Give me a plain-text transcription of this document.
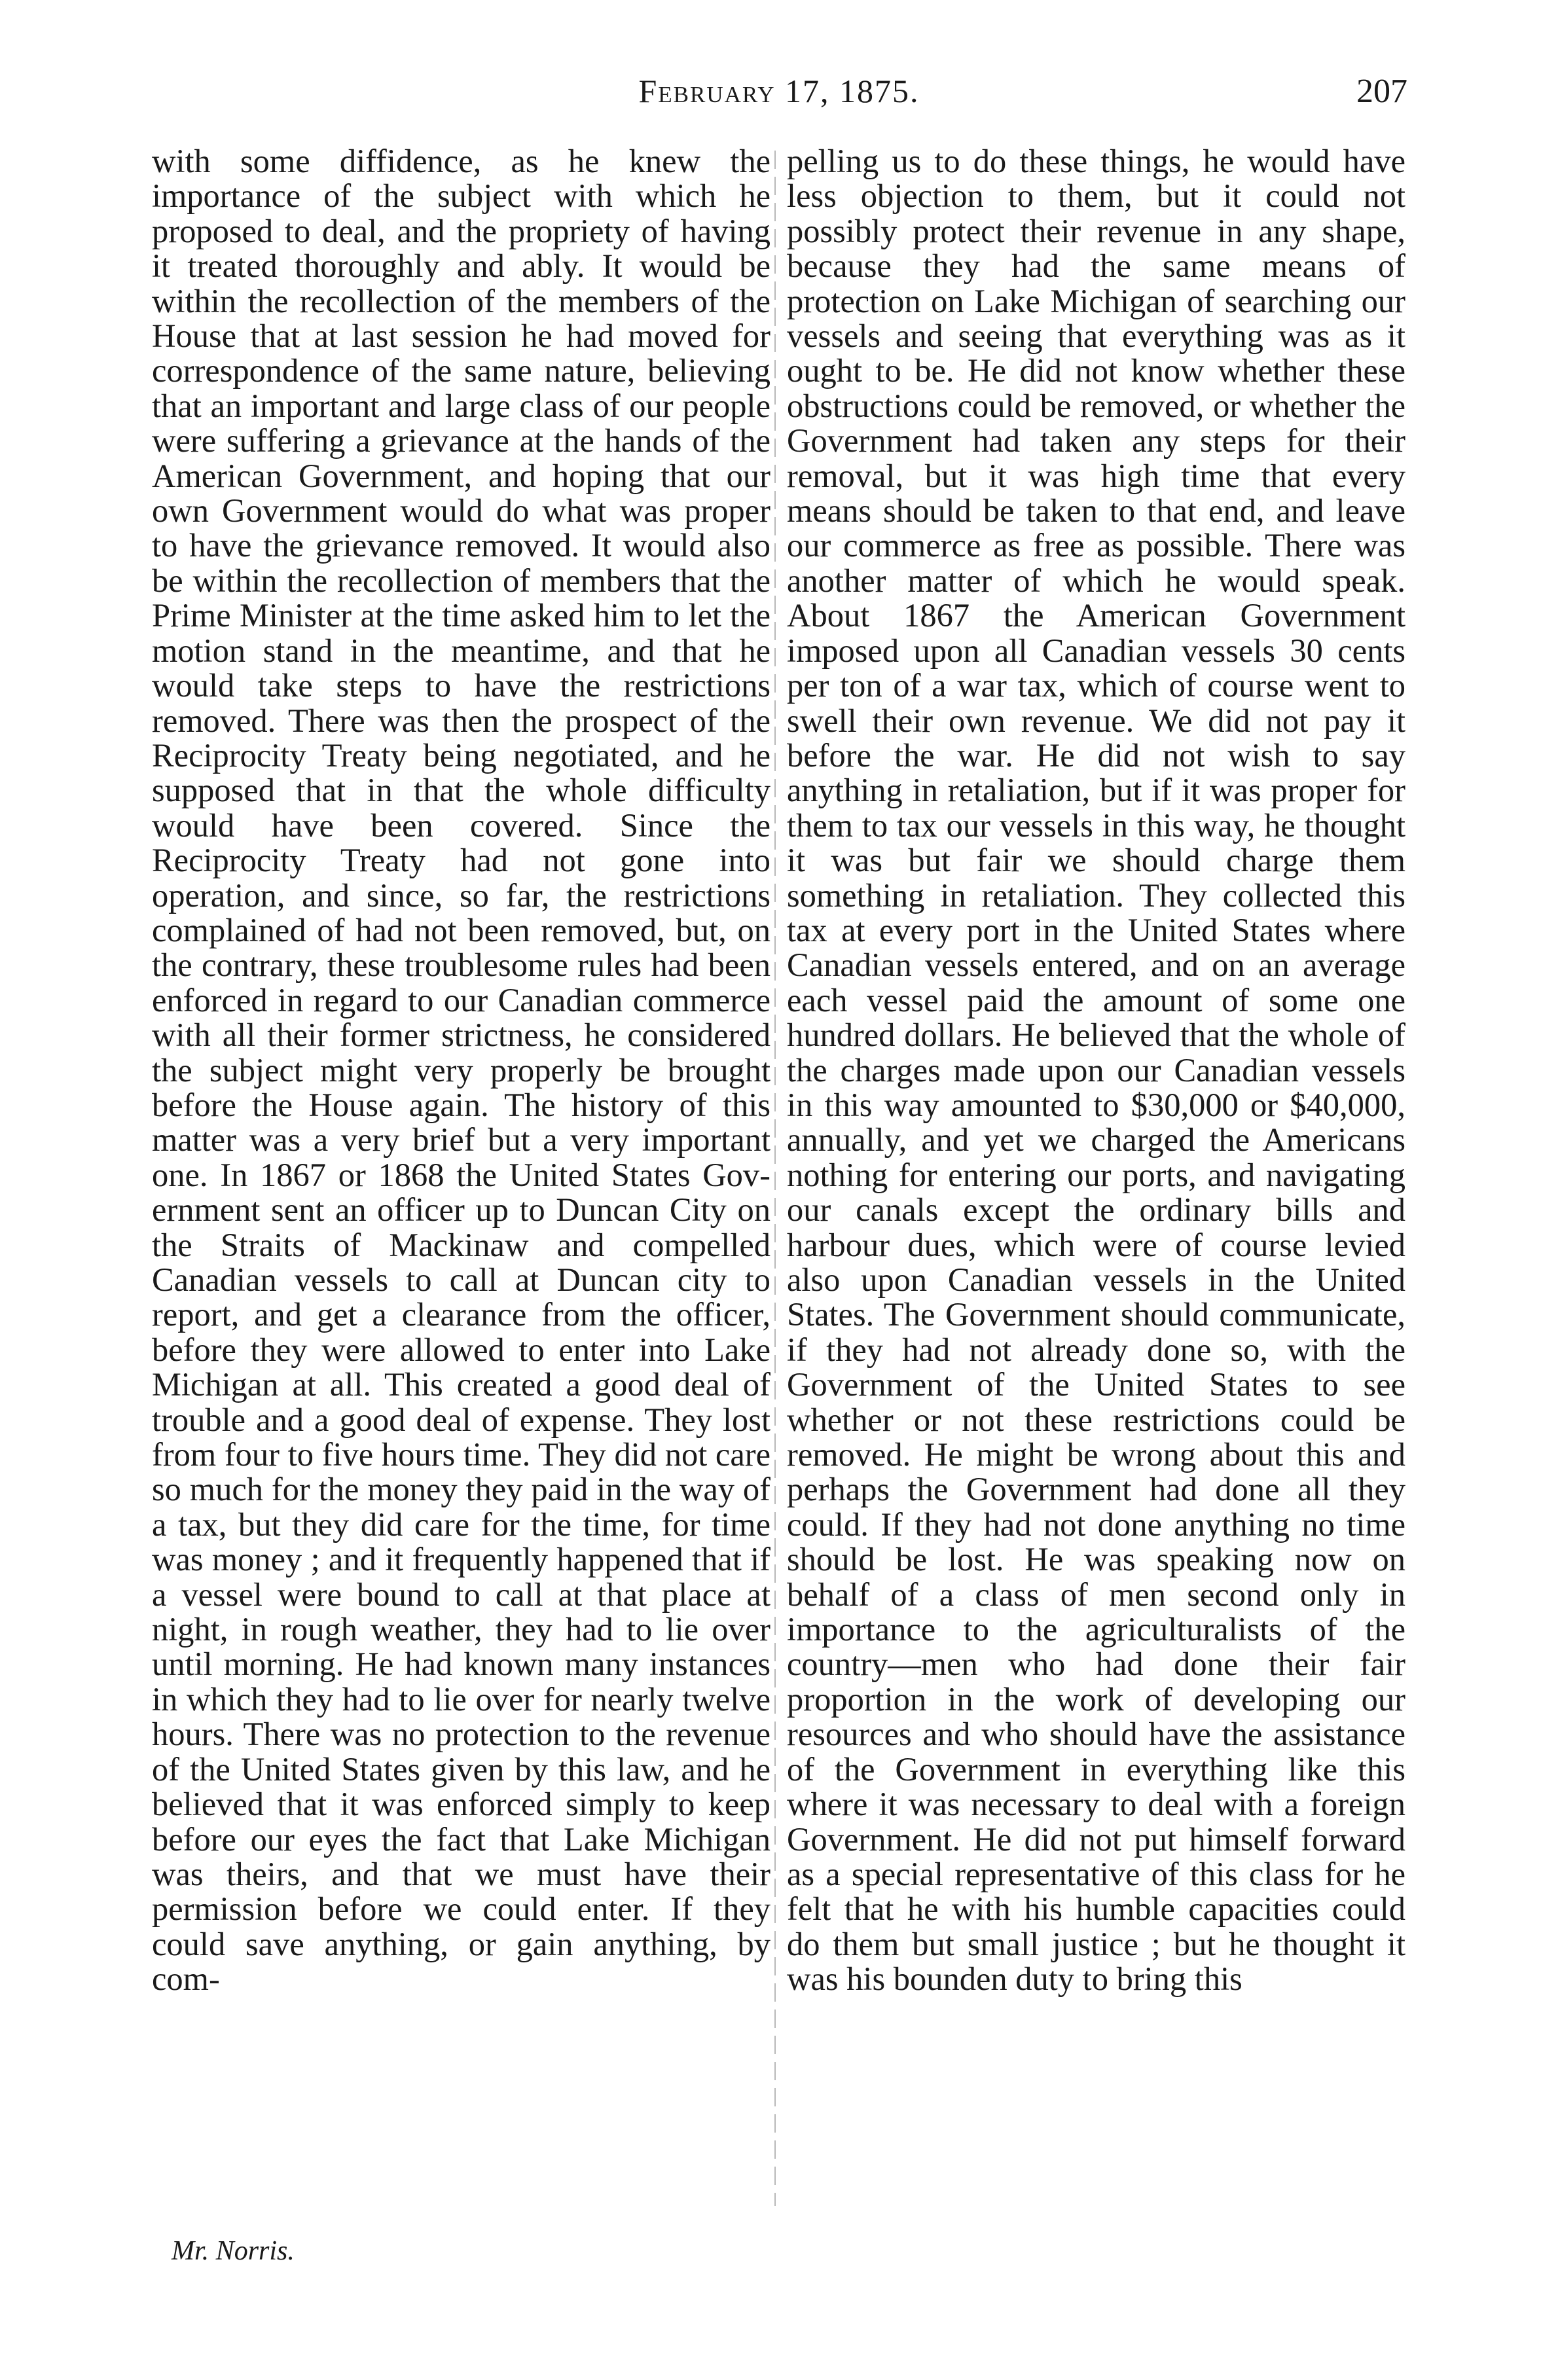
February 17, 1875.	207

with some diffidence, as he knew the importance of the subject with which he proposed to deal, and the propriety of having it treated thoroughly and ably. It would be within the recollection of the members of the House that at last session he had moved for correspondence of the same nature, believing that an important and large class of our people were suffering a grievance at the hands of the American Government, and hoping that our own Government would do what was proper to have the grievance removed. It would also be within the recollection of members that the Prime Minister at the time asked him to let the motion stand in the meantime, and that he would take steps to have the restrictions removed. There was then the prospect of the Reciprocity Treaty being negotiated, and he supposed that in that the whole difficulty would have been covered. Since the Reciprocity Treaty had not gone into operation, and since, so far, the restrictions complained of had not been removed, but, on the contrary, these troublesome rules had been enforced in regard to our Canadian commerce with all their former strictness, he considered the subject might very properly be brought before the House again. The history of this matter was a very brief but a very important one. In 1867 or 1868 the United States Government sent an officer up to Duncan City on the Straits of Mackinaw and compelled Canadian vessels to call at Duncan city to report, and get a clearance from the officer, before they were allowed to enter into Lake Michigan at all. This created a good deal of trouble and a good deal of expense. They lost from four to five hours time. They did not care so much for the money they paid in the way of a tax, but they did care for the time, for time was money ; and it frequently happened that if a vessel were bound to call at that place at night, in rough weather, they had to lie over until morning. He had known many instances in which they had to lie over for nearly twelve hours. There was no protection to the revenue of the United States given by this law, and he believed that it was enforced simply to keep before our eyes the fact that Lake Michigan was theirs, and that we must have their permission before we could enter. If they could save anything, or gain anything, by com-

pelling us to do these things, he would have less objection to them, but it could not possibly protect their revenue in any shape, because they had the same means of protection on Lake Michigan of searching our vessels and seeing that everything was as it ought to be. He did not know whether these obstructions could be removed, or whether the Government had taken any steps for their removal, but it was high time that every means should be taken to that end, and leave our commerce as free as possible. There was another matter of which he would speak. About 1867 the American Government imposed upon all Canadian vessels 30 cents per ton of a war tax, which of course went to swell their own revenue. We did not pay it before the war. He did not wish to say anything in retaliation, but if it was proper for them to tax our vessels in this way, he thought it was but fair we should charge them something in retaliation. They collected this tax at every port in the United States where Canadian vessels entered, and on an average each vessel paid the amount of some one hundred dollars. He believed that the whole of the charges made upon our Canadian vessels in this way amounted to $30,000 or $40,000, annually, and yet we charged the Americans nothing for entering our ports, and navigating our canals except the ordinary bills and harbour dues, which were of course levied also upon Canadian vessels in the United States. The Government should communicate, if they had not already done so, with the Government of the United States to see whether or not these restrictions could be removed. He might be wrong about this and perhaps the Government had done all they could. If they had not done anything no time should be lost. He was speaking now on behalf of a class of men second only in importance to the agriculturalists of the country—men who had done their fair proportion in the work of developing our resources and who should have the assistance of the Government in everything like this where it was necessary to deal with a foreign Government. He did not put himself forward as a special representative of this class for he felt that he with his humble capacities could do them but small justice ; but he thought it was his bounden duty to bring this

Mr. Norris.
